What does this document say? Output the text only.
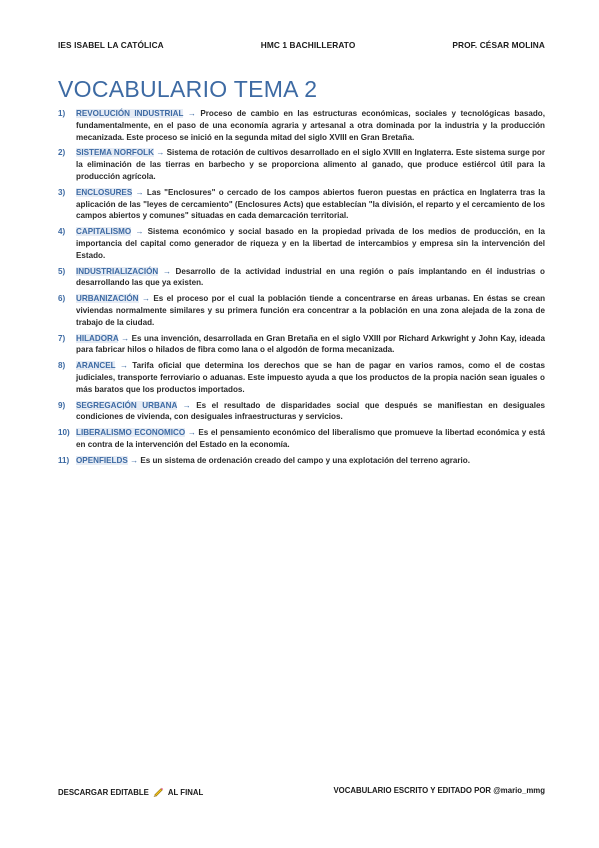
IES ISABEL LA CATÓLICA	HMC 1 BACHILLERATO	PROF. CÉSAR MOLINA
VOCABULARIO TEMA 2
1)	REVOLUCIÓN INDUSTRIAL → Proceso de cambio en las estructuras económicas, sociales y tecnológicas basado, fundamentalmente, en el paso de una economía agraria y artesanal a otra dominada por la industria y la producción mecanizada. Este proceso se inició en la segunda mitad del siglo XVIII en Gran Bretaña.
2)	SISTEMA NORFOLK → Sistema de rotación de cultivos desarrollado en el siglo XVIII en Inglaterra. Este sistema surge por la eliminación de las tierras en barbecho y se proporciona alimento al ganado, que produce estiércol útil para la producción agrícola.
3)	ENCLOSURES → Las "Enclosures" o cercado de los campos abiertos fueron puestas en práctica en Inglaterra tras la aplicación de las "leyes de cercamiento" (Enclosures Acts) que establecían "la división, el reparto y el cercamiento de los campos abiertos y comunes" situadas en cada demarcación territorial.
4)	CAPITALISMO → Sistema económico y social basado en la propiedad privada de los medios de producción, en la importancia del capital como generador de riqueza y en la libertad de intercambios y empresa sin la intervención del Estado.
5)	INDUSTRIALIZACIÓN → Desarrollo de la actividad industrial en una región o país implantando en él industrias o desarrollando las que ya existen.
6)	URBANIZACIÓN → Es el proceso por el cual la población tiende a concentrarse en áreas urbanas. En éstas se crean viviendas normalmente similares y su primera función era concentrar a la población en una zona alejada de la zona de trabajo de la ciudad.
7)	HILADORA → Es una invención, desarrollada en Gran Bretaña en el siglo VXIII por Richard Arkwright y John Kay, ideada para fabricar hilos o hilados de fibra como lana o el algodón de forma mecanizada.
8)	ARANCEL → Tarifa oficial que determina los derechos que se han de pagar en varios ramos, como el de costas judiciales, transporte ferroviario o aduanas. Este impuesto ayuda a que los productos de la propia nación sean iguales o más baratos que los productos importados.
9)	SEGREGACIÓN URBANA → Es el resultado de disparidades social que después se manifiestan en desiguales condiciones de vivienda, con desiguales infraestructuras y servicios.
10) LIBERALISMO ECONOMICO → Es el pensamiento económico del liberalismo que promueve la libertad económica y está en contra de la intervención del Estado en la economía.
11) OPENFIELDS → Es un sistema de ordenación creado del campo y una explotación del terreno agrario.
DESCARGAR EDITABLE AL FINAL	VOCABULARIO ESCRITO Y EDITADO POR @mario_mmg
